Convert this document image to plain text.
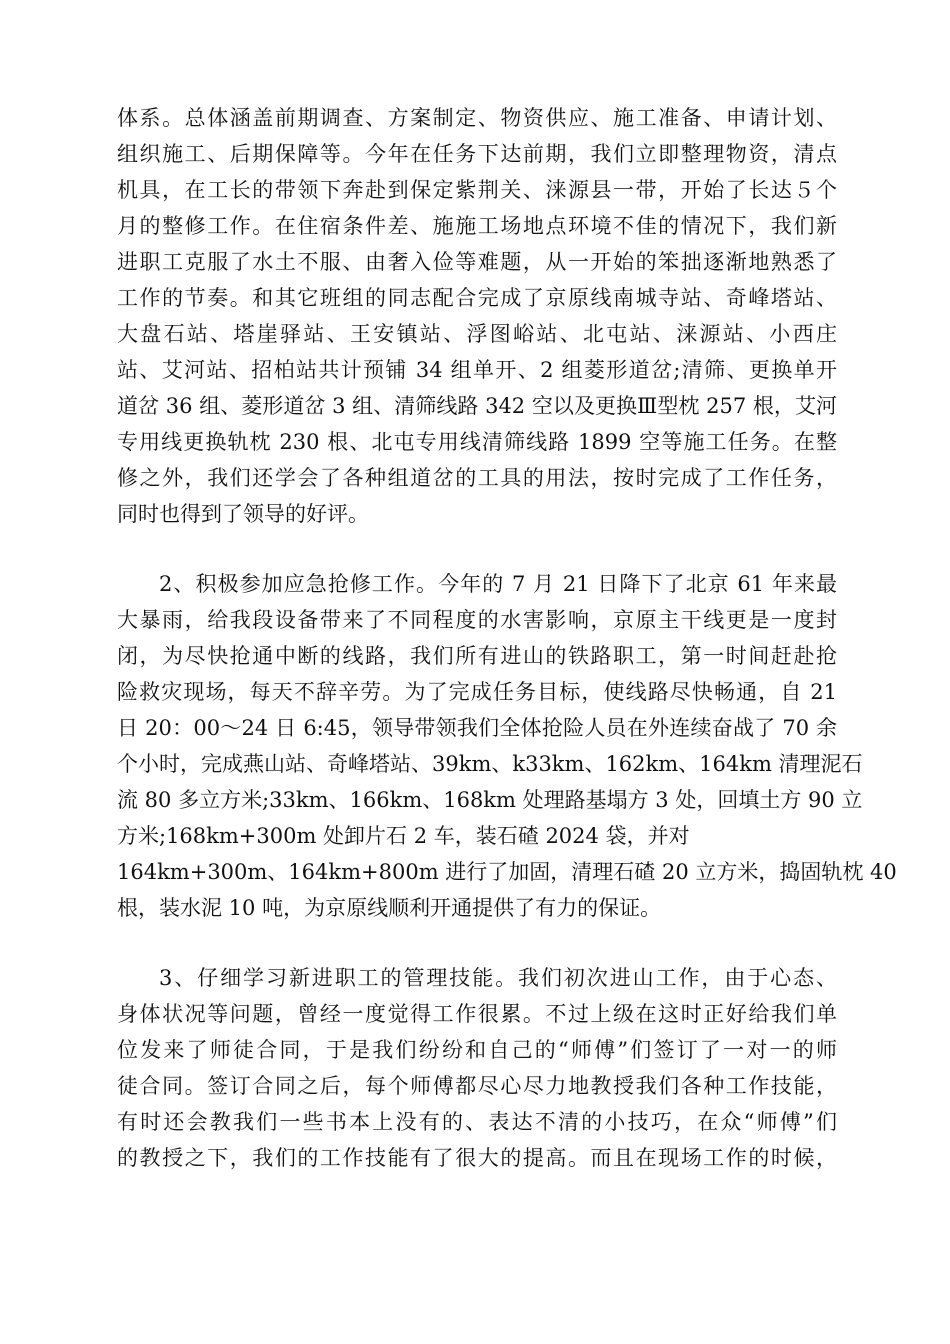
体系。总体涵盖前期调查、方案制定、物资供应、施工准备、申请计划、
组织施工、后期保障等。今年在任务下达前期，我们立即整理物资，清点
机具，在工长的带领下奔赴到保定紫荆关、涞源县一带，开始了长达５个
月的整修工作。在住宿条件差、施施工场地点环境不佳的情况下，我们新
进职工克服了水土不服、由奢入俭等难题，从一开始的笨拙逐渐地熟悉了
工作的节奏。和其它班组的同志配合完成了京原线南城寺站、奇峰塔站、
大盘石站、塔崖驿站、王安镇站、浮图峪站、北屯站、涞源站、小西庄
站、艾河站、招柏站共计预铺 34 组单开、2 组菱形道岔;清筛、更换单开
道岔 36 组、菱形道岔 3 组、清筛线路 342 空以及更换Ⅲ型枕 257 根，艾河
专用线更换轨枕 230 根、北屯专用线清筛线路 1899 空等施工任务。在整
修之外，我们还学会了各种组道岔的工具的用法，按时完成了工作任务，
同时也得到了领导的好评。
2、积极参加应急抢修工作。今年的 7 月 21 日降下了北京 61 年来最
大暴雨，给我段设备带来了不同程度的水害影响，京原主干线更是一度封
闭，为尽快抢通中断的线路，我们所有进山的铁路职工，第一时间赶赴抢
险救灾现场，每天不辞辛劳。为了完成任务目标，使线路尽快畅通，自 21
日 20：00～24 日 6:45，领导带领我们全体抢险人员在外连续奋战了 70 余
个小时，完成燕山站、奇峰塔站、39km、k33km、162km、164km 清理泥石
流 80 多立方米;33km、166km、168km 处理路基塌方 3 处，回填土方 90 立
方米;168km+300m 处卸片石 2 车，装石碴 2024 袋，并对
164km+300m、164km+800m 进行了加固，清理石碴 20 立方米，捣固轨枕 40
根，装水泥 10 吨，为京原线顺利开通提供了有力的保证。
3、仔细学习新进职工的管理技能。我们初次进山工作，由于心态、
身体状况等问题，曾经一度觉得工作很累。不过上级在这时正好给我们单
位发来了师徒合同，于是我们纷纷和自己的“师傅”们签订了一对一的师
徒合同。签订合同之后，每个师傅都尽心尽力地教授我们各种工作技能，
有时还会教我们一些书本上没有的、表达不清的小技巧，在众“师傅”们
的教授之下，我们的工作技能有了很大的提高。而且在现场工作的时候，
